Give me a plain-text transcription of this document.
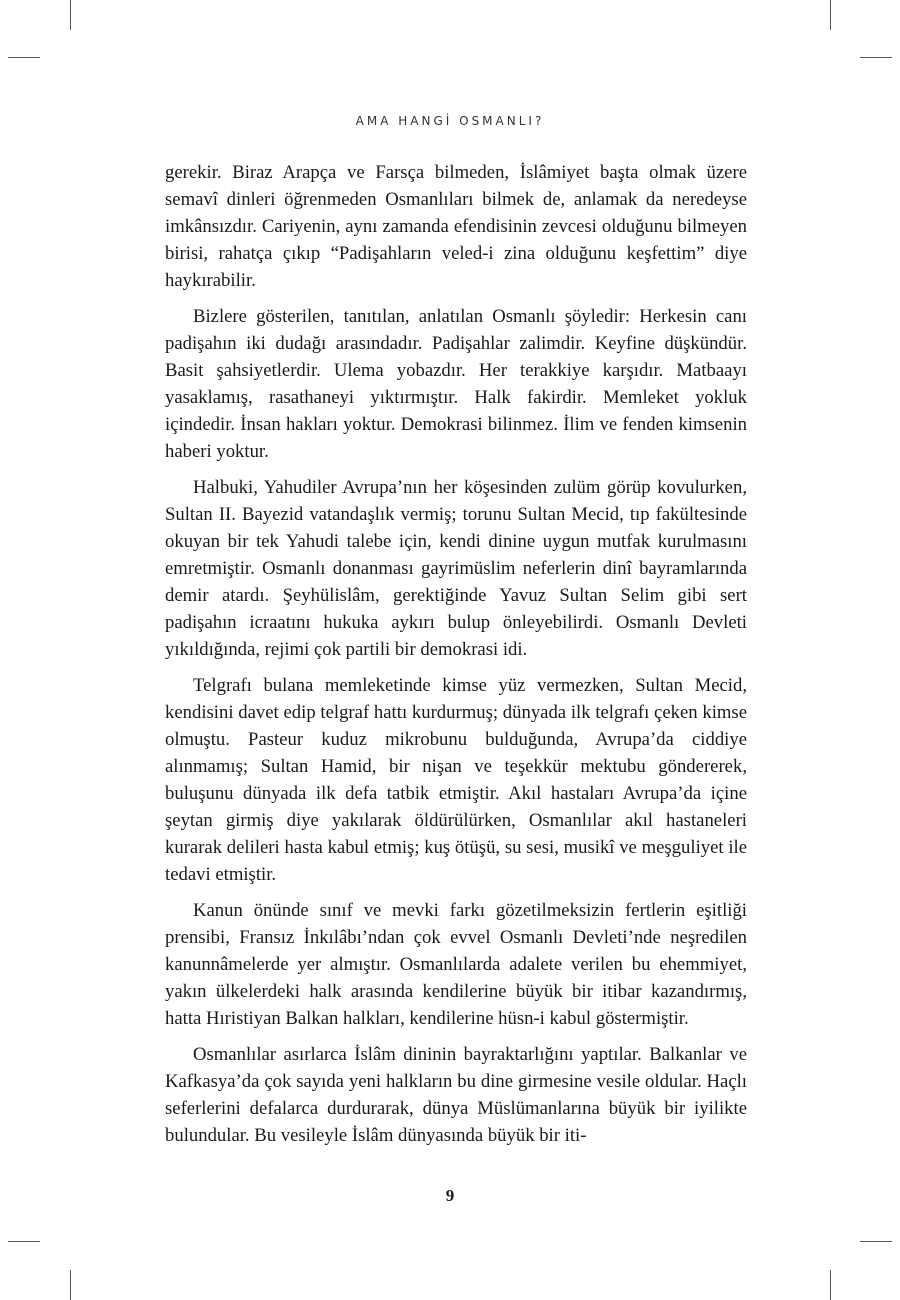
AMA HANGİ OSMANLI?

gerekir. Biraz Arapça ve Farsça bilmeden, İslâmiyet başta olmak üzere semavî dinleri öğrenmeden Osmanlıları bilmek de, anlamak da neredeyse imkânsızdır. Cariyenin, aynı zamanda efendisinin zevcesi olduğunu bilmeyen birisi, rahatça çıkıp “Padişahların veled-i zina olduğunu keşfettim” diye haykırabilir.

Bizlere gösterilen, tanıtılan, anlatılan Osmanlı şöyledir: Herkesin canı padişahın iki dudağı arasındadır. Padişahlar zalimdir. Keyfine düşkündür. Basit şahsiyetlerdir. Ulema yobazdır. Her terakkiye karşıdır. Matbaayı yasaklamış, rasathaneyi yıktırmıştır. Halk fakirdir. Memleket yokluk içindedir. İnsan hakları yoktur. Demokrasi bilinmez. İlim ve fenden kimsenin haberi yoktur.

Halbuki, Yahudiler Avrupa’nın her köşesinden zulüm görüp kovulurken, Sultan II. Bayezid vatandaşlık vermiş; torunu Sultan Mecid, tıp fakültesinde okuyan bir tek Yahudi talebe için, kendi dinine uygun mutfak kurulmasını emretmiştir. Osmanlı donanması gayrimüslim neferlerin dinî bayramlarında demir atardı. Şeyhülislâm, gerektiğinde Yavuz Sultan Selim gibi sert padişahın icraatını hukuka aykırı bulup önleyebilirdi. Osmanlı Devleti yıkıldığında, rejimi çok partili bir demokrasi idi.

Telgrafı bulana memleketinde kimse yüz vermezken, Sultan Mecid, kendisini davet edip telgraf hattı kurdurmuş; dünyada ilk telgrafı çeken kimse olmuştu. Pasteur kuduz mikrobunu bulduğunda, Avrupa’da ciddiye alınmamış; Sultan Hamid, bir nişan ve teşekkür mektubu göndererek, buluşunu dünyada ilk defa tatbik etmiştir. Akıl hastaları Avrupa’da içine şeytan girmiş diye yakılarak öldürülürken, Osmanlılar akıl hastaneleri kurarak delileri hasta kabul etmiş; kuş ötüşü, su sesi, musikî ve meşguliyet ile tedavi etmiştir.

Kanun önünde sınıf ve mevki farkı gözetilmeksizin fertlerin eşitliği prensibi, Fransız İnkılâbı’ndan çok evvel Osmanlı Devleti’nde neşredilen kanunnâmelerde yer almıştır. Osmanlılarda adalete verilen bu ehemmiyet, yakın ülkelerdeki halk arasında kendilerine büyük bir itibar kazandırmış, hatta Hıristiyan Balkan halkları, kendilerine hüsn-i kabul göstermiştir.

Osmanlılar asırlarca İslâm dininin bayraktarlığını yaptılar. Balkanlar ve Kafkasya’da çok sayıda yeni halkların bu dine girmesine vesile oldular. Haçlı seferlerini defalarca durdurarak, dünya Müslümanlarına büyük bir iyilikte bulundular. Bu vesileyle İslâm dünyasında büyük bir iti-

9
